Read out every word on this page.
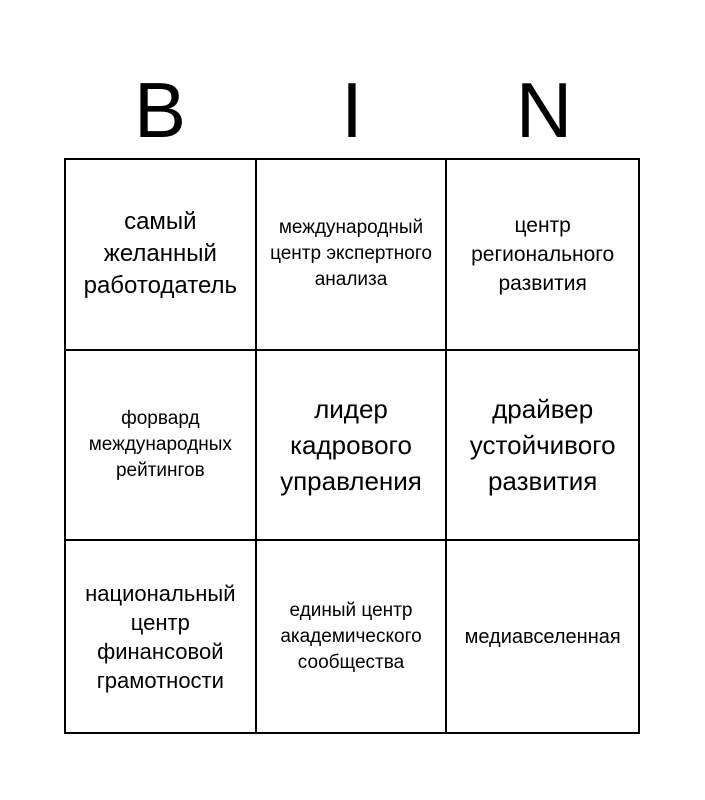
B	I	N
самый желанный работодатель
международный центр экспертного анализа
центр регионального развития
форвард международных рейтингов
лидер кадрового управления
драйвер устойчивого развития
национальный центр финансовой грамотности
единый центр академического сообщества
медиавселенная
